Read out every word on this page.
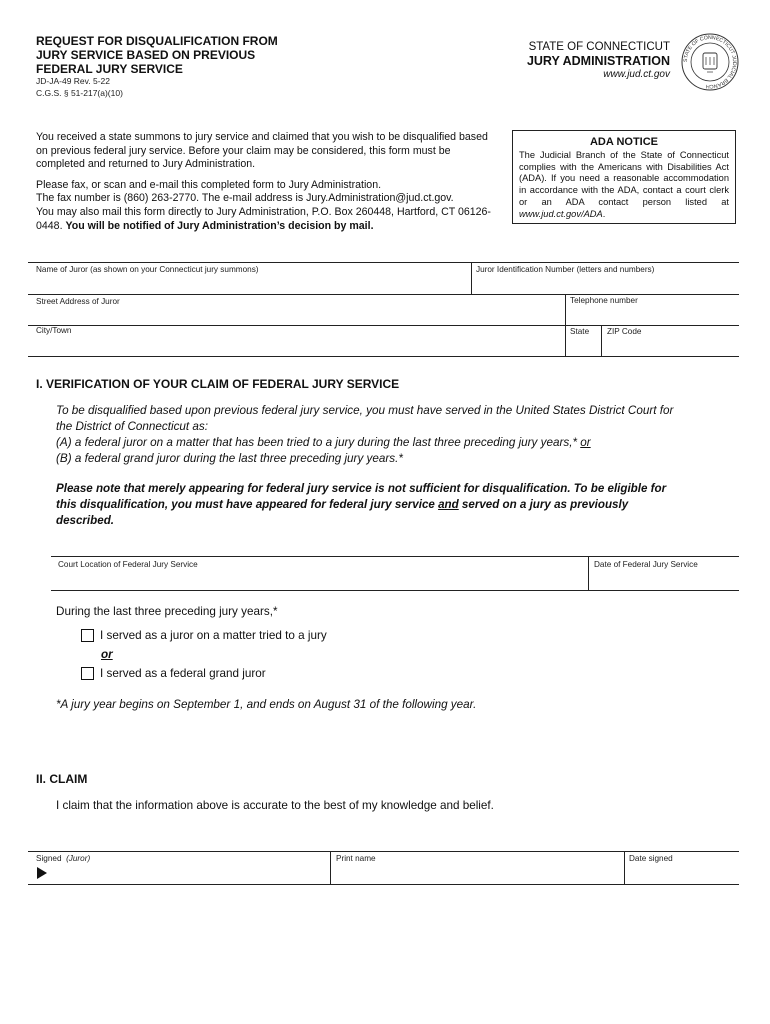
REQUEST FOR DISQUALIFICATION FROM
JURY SERVICE BASED ON PREVIOUS
FEDERAL JURY SERVICE
JD-JA-49 Rev. 5-22
C.G.S. § 51-217(a)(10)
STATE OF CONNECTICUT
JURY ADMINISTRATION
www.jud.ct.gov
STATE OF CONNECTICUT JUDICIAL BRANCH

You received a state summons to jury service and claimed that you wish to be disqualified based on previous federal jury service. Before your claim may be considered, this form must be completed and returned to Jury Administration.

Please fax, or scan and e-mail this completed form to Jury Administration.
The fax number is (860) 263-2770. The e-mail address is Jury.Administration@jud.ct.gov.
You may also mail this form directly to Jury Administration, P.O. Box 260448, Hartford, CT 06126-0448. You will be notified of Jury Administration’s decision by mail.

ADA NOTICE
The Judicial Branch of the State of Connecticut complies with the Americans with Disabilities Act (ADA). If you need a reasonable accommodation in accordance with the ADA, contact a court clerk or an ADA contact person listed at www.jud.ct.gov/ADA.
Name of Juror (as shown on your Connecticut jury summons)	Juror Identification Number (letters and numbers)
Street Address of Juror	Telephone number
City/Town	State ZIP Code
I. VERIFICATION OF YOUR CLAIM OF FEDERAL JURY SERVICE
To be disqualified based upon previous federal jury service, you must have served in the United States District Court for
the District of Connecticut as:
(A) a federal juror on a matter that has been tried to a jury during the last three preceding jury years,* or
(B) a federal grand juror during the last three preceding jury years.*
Please note that merely appearing for federal jury service is not sufficient for disqualification. To be eligible for
this disqualification, you must have appeared for federal jury service and served on a jury as previously
described.
Court Location of Federal Jury Service	Date of Federal Jury Service
During the last three preceding jury years,*
I served as a juror on a matter tried to a jury
or
I served as a federal grand juror
*A jury year begins on September 1, and ends on August 31 of the following year.
II. CLAIM
I claim that the information above is accurate to the best of my knowledge and belief.
Signed (Juror)	Print name	Date signed
